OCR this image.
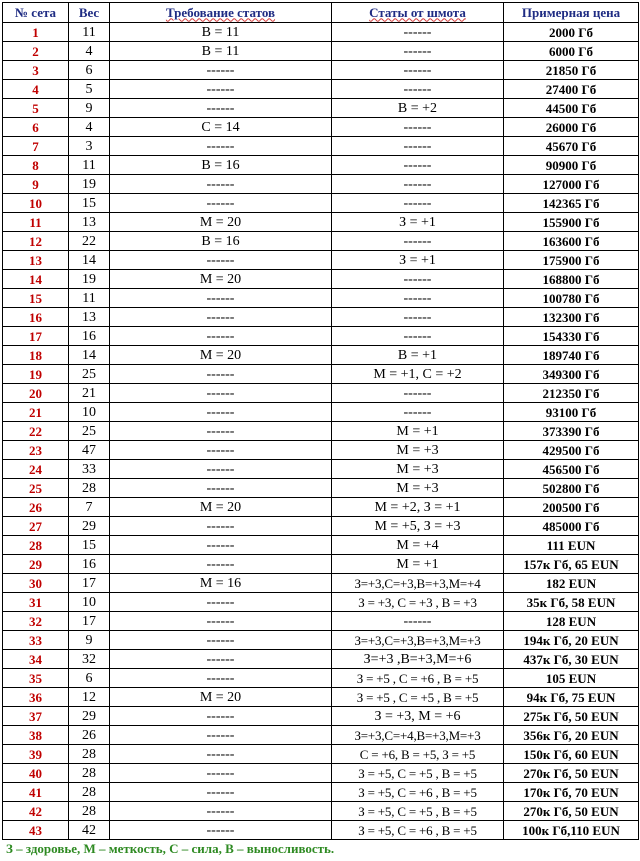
№ сета	Вес	Требование статов	Статы от шмота	Примерная цена
1	11	В = 11	------	2000 Гб
2	4	В = 11	------	6000 Гб
3	6	------	------	21850 Гб
4	5	------	------	27400 Гб
5	9	------	В = +2	44500 Гб
6	4	С = 14	------	26000 Гб
7	3	------	------	45670 Гб
8	11	В = 16	------	90900 Гб
9	19	------	------	127000 Гб
10	15	------	------	142365 Гб
11	13	М = 20	З = +1	155900 Гб
12	22	В = 16	------	163600 Гб
13	14	------	З = +1	175900 Гб
14	19	М = 20	------	168800 Гб
15	11	------	------	100780 Гб
16	13	------	------	132300 Гб
17	16	------	------	154330 Гб
18	14	М = 20	В = +1	189740 Гб
19	25	------	М = +1, С = +2	349300 Гб
20	21	------	------	212350 Гб
21	10	------	------	93100 Гб
22	25	------	М = +1	373390 Гб
23	47	------	М = +3	429500 Гб
24	33	------	М = +3	456500 Гб
25	28	------	М = +3	502800 Гб
26	7	М = 20	М = +2, З = +1	200500 Гб
27	29	------	М = +5, З = +3	485000 Гб
28	15	------	М = +4	111 EUN
29	16	------	М = +1	157к Гб, 65 EUN
30	17	М = 16	З=+3,С=+3,В=+3,М=+4	182 EUN
31	10	------	З = +3, С = +3 , В = +3	35к Гб, 58 EUN
32	17	------	------	128 EUN
33	9	------	З=+3,С=+3,В=+3,М=+3	194к Гб, 20 EUN
34	32	------	З=+3 ,В=+3,М=+6	437к Гб, 30 EUN
35	6	------	З = +5 , С = +6 , В = +5	105 EUN
36	12	М = 20	З = +5 , С = +5 , В = +5	94к Гб, 75 EUN
37	29	------	З = +3, М = +6	275к Гб, 50 EUN
38	26	------	З=+3,С=+4,В=+3,М=+3	356к Гб, 20 EUN
39	28	------	С = +6, В = +5, З = +5	150к Гб, 60 EUN
40	28	------	З = +5, С = +5 , В = +5	270к Гб, 50 EUN
41	28	------	З = +5, С = +6 , В = +5	170к Гб, 70 EUN
42	28	------	З = +5, С = +5 , В = +5	270к Гб, 50 EUN
43	42	------	З = +5, С = +6 , В = +5	100к Гб,110 EUN

З – здоровье, М – меткость, С – сила, В – выносливость.
